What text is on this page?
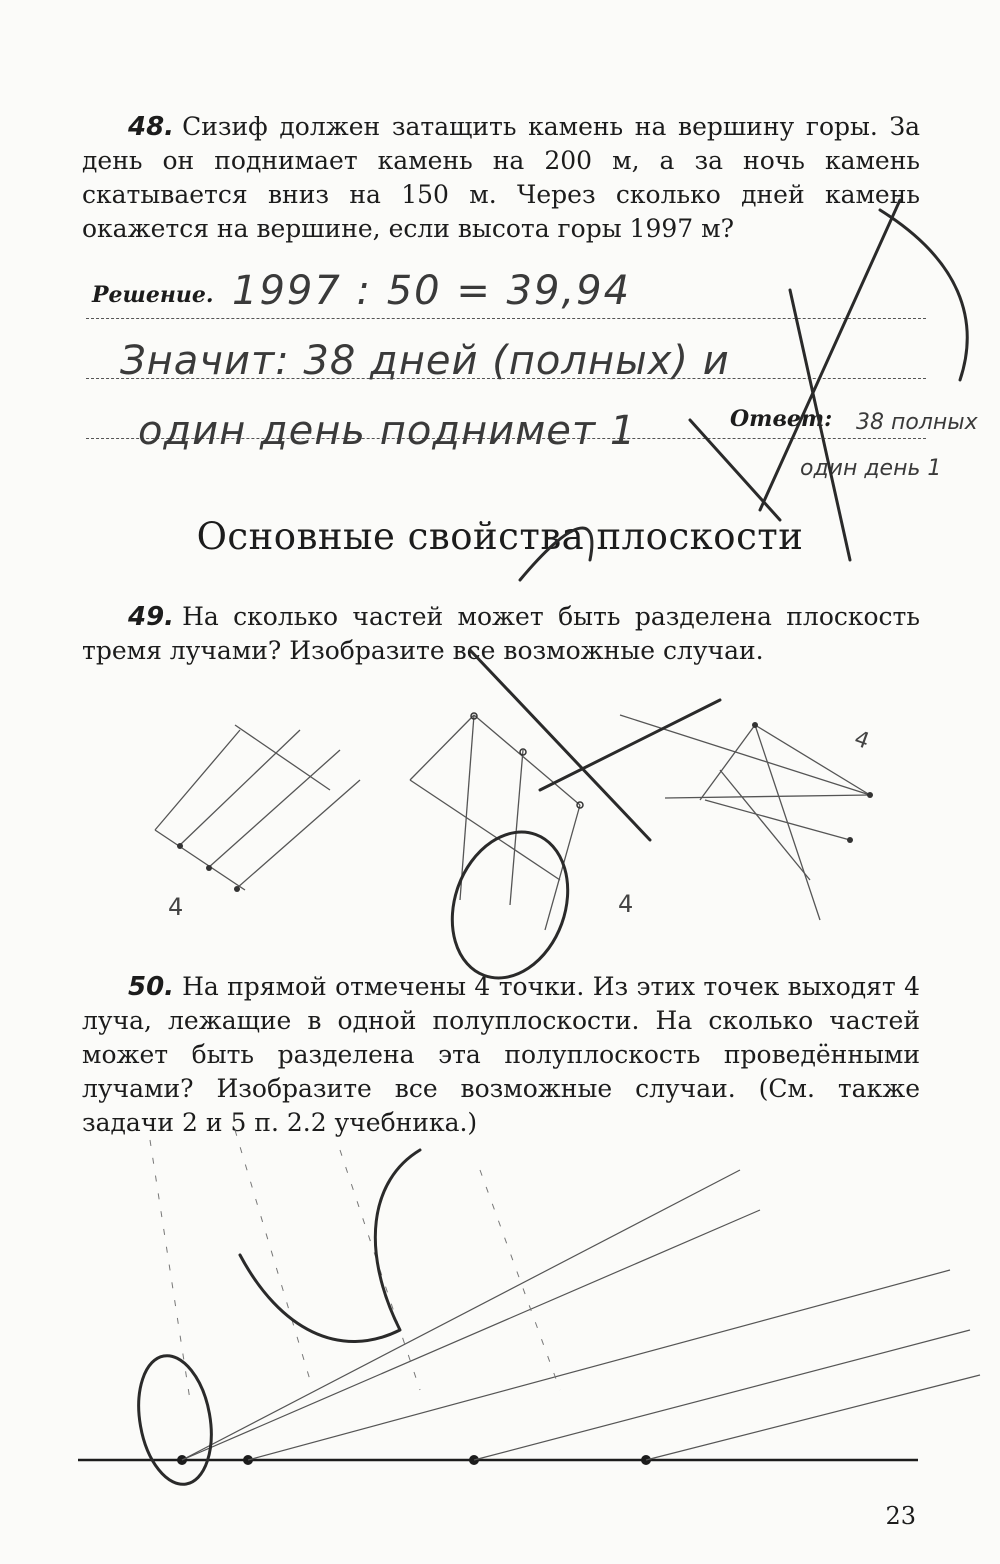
48. Сизиф должен затащить камень на вершину горы. За день он поднимает камень на 200 м, а за ночь камень скатывается вниз на 150 м. Через сколько дней камень окажется на вершине, если высота горы 1997 м?
Решение.
Ответ:
1997 : 50 = 39,94
Значит: 38 дней (полных) и
один день поднимет 1	38 полных
один день 1
Основные свойства плоскости
49. На сколько частей может быть разделена плоскость тремя лучами? Изобразите все возможные случаи.
50. На прямой отмечены 4 точки. Из этих точек выходят 4 луча, лежащие в одной полуплоскости. На сколько частей может быть разделена эта полуплоскость проведёнными лучами? Изобразите все возможные случаи. (См. также задачи 2 и 5 п. 2.2 учебника.)
4	4
4
23
